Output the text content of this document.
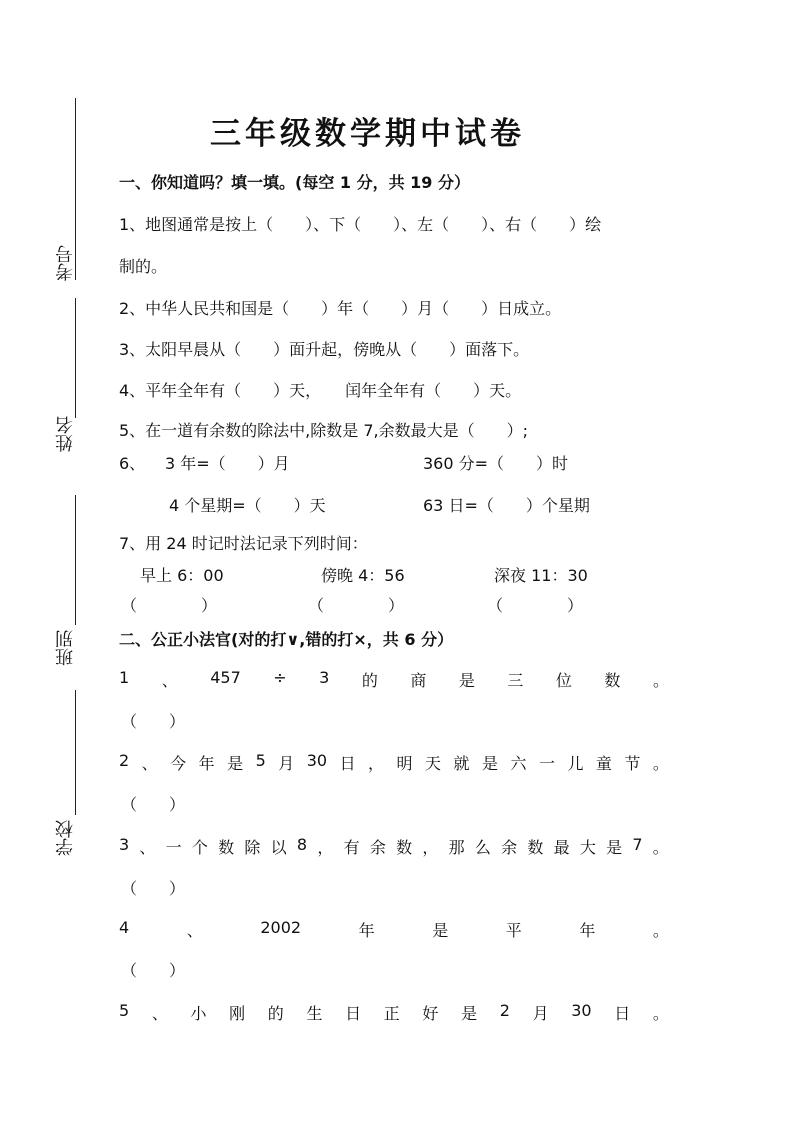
考号
姓名
班别
学校
三年级数学期中试卷
一、你知道吗？填一填。(每空 1 分，共 19 分）
1、地图通常是按上（　　）、下（　　）、左（　　）、右（　　）绘
制的。
2、中华人民共和国是（　　）年（　　）月（　　）日成立。
3、太阳早晨从（　　）面升起，傍晚从（　　）面落下。
4、平年全年有（　　）天，　　闰年全年有（　　）天。
5、在一道有余数的除法中,除数是 7,余数最大是（　　）;
6、 3 年=（　　）月	360 分=（　　）时
4 个星期=（　　）天	63 日=（　　）个星期
7、用 24 时记时法记录下列时间：
早上 6：00	傍晚 4：56	深夜 11：30
（　　　　）	（　　　　）	（　　　　）
二、公正小法官(对的打∨,错的打×，共 6 分）
1 、 457 ÷ 3 的 商 是 三 位 数 。
（　　）
2 、 今 年 是 5 月 30 日 ， 明 天 就 是 六 一 儿 童 节 。
（　　）
3 、 一 个 数 除 以 8 ， 有 余 数 ， 那 么 余 数 最 大 是 7 。
（　　）
4	、	2002	年	是	平	年	。
（　　）
5 、 小 刚 的 生 日 正 好 是 2 月 30 日 。
